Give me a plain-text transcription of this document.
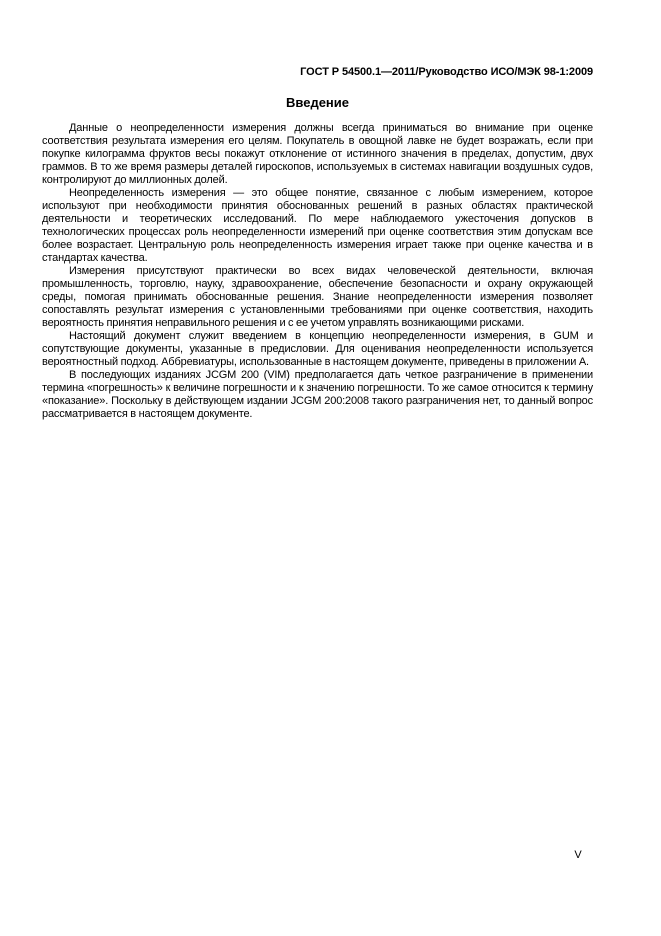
ГОСТ Р 54500.1—2011/Руководство ИСО/МЭК 98-1:2009
Введение

Данные о неопределенности измерения должны всегда приниматься во внимание при оценке соответствия результата измерения его целям. Покупатель в овощной лавке не будет возражать, если при покупке килограмма фруктов весы покажут отклонение от истинного значения в пределах, допустим, двух граммов. В то же время размеры деталей гироскопов, используемых в системах навигации воздушных судов, контролируют до миллионных долей.

Неопределенность измерения — это общее понятие, связанное с любым измерением, которое используют при необходимости принятия обоснованных решений в разных областях практической деятельности и теоретических исследований. По мере наблюдаемого ужесточения допусков в технологических процессах роль неопределенности измерений при оценке соответствия этим допускам все более возрастает. Центральную роль неопределенность измерения играет также при оценке качества и в стандартах качества.

Измерения присутствуют практически во всех видах человеческой деятельности, включая промышленность, торговлю, науку, здравоохранение, обеспечение безопасности и охрану окружающей среды, помогая принимать обоснованные решения. Знание неопределенности измерения позволяет сопоставлять результат измерения с установленными требованиями при оценке соответствия, находить вероятность принятия неправильного решения и с ее учетом управлять возникающими рисками.

Настоящий документ служит введением в концепцию неопределенности измерения, в GUM и сопутствующие документы, указанные в предисловии. Для оценивания неопределенности используется вероятностный подход. Аббревиатуры, использованные в настоящем документе, приведены в приложении А.

В последующих изданиях JCGM 200 (VIM) предполагается дать четкое разграничение в применении термина «погрешность» к величине погрешности и к значению погрешности. То же самое относится к термину «показание». Поскольку в действующем издании JCGM 200:2008 такого разграничения нет, то данный вопрос рассматривается в настоящем документе.

V
